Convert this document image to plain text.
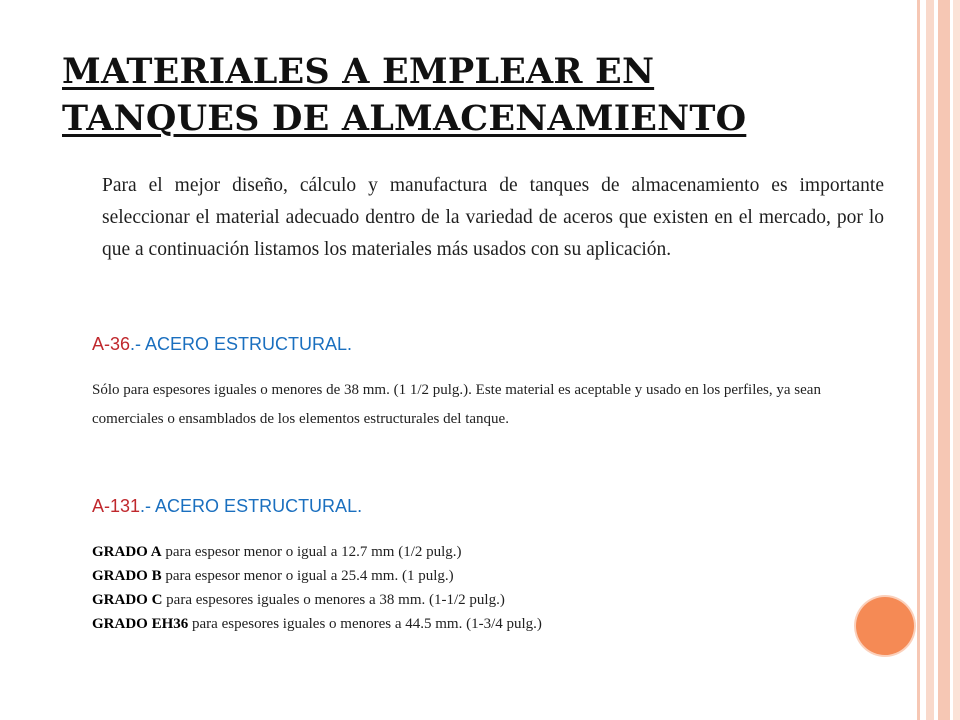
MATERIALES A EMPLEAR EN
TANQUES DE ALMACENAMIENTO

Para el mejor diseño, cálculo y manufactura de tanques de almacenamiento es importante seleccionar el material adecuado dentro de la variedad de aceros que existen en el mercado, por lo que a continuación listamos los materiales más usados con su aplicación.

A-36.- ACERO ESTRUCTURAL.

Sólo para espesores iguales o menores de 38 mm. (1 1/2 pulg.). Este material es aceptable y usado en los perfiles, ya sean comerciales o ensamblados de los elementos estructurales del tanque.

A-131.- ACERO ESTRUCTURAL.
GRADO A para espesor menor o igual a 12.7 mm (1/2 pulg.)
GRADO B para espesor menor o igual a 25.4 mm. (1 pulg.)
GRADO C para espesores iguales o menores a 38 mm. (1-1/2 pulg.)
GRADO EH36 para espesores iguales o menores a 44.5 mm. (1-3/4 pulg.)
